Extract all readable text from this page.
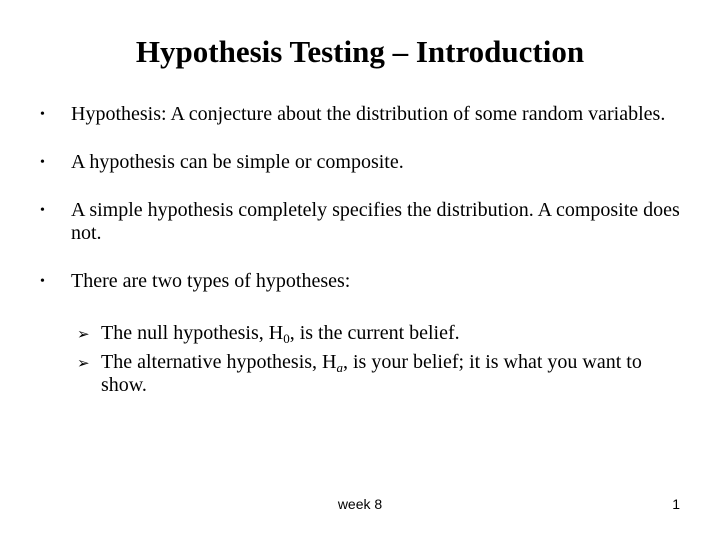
Hypothesis Testing – Introduction
• Hypothesis: A conjecture about the distribution of some random variables.
• A hypothesis can be simple or composite.
• A simple hypothesis completely specifies the distribution. A composite does not.
• There are two types of hypotheses:
➢ The null hypothesis, $H_0$, is the current belief.
➢ The alternative hypothesis, $H_a$, is your belief; it is what you want to show.
week 8	1
